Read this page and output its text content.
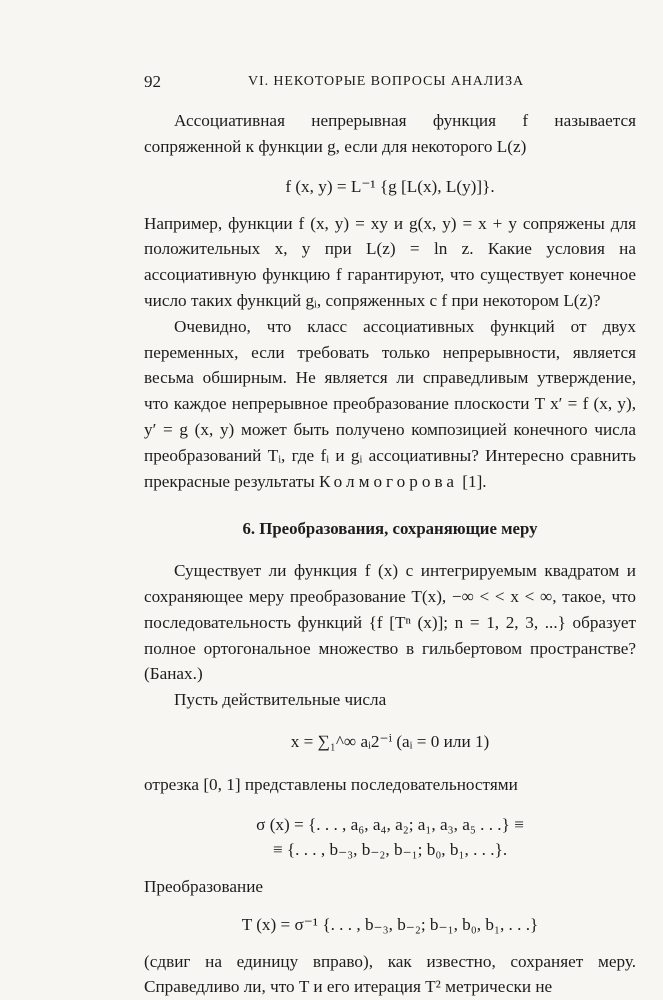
92	VI. НЕКОТОРЫЕ ВОПРОСЫ АНАЛИЗА

Ассоциативная непрерывная функция f называется сопряженной к функции g, если для некоторого L(z)

f (x, y) = L⁻¹ {g [L(x), L(y)]}.

Например, функции f (x, y) = xy и g(x, y) = x + y сопряжены для положительных x, y при L(z) = ln z. Какие условия на ассоциативную функцию f гарантируют, что существует конечное число таких функций gᵢ, сопряженных с f при некотором L(z)?

Очевидно, что класс ассоциативных функций от двух переменных, если требовать только непрерывности, является весьма обширным. Не является ли справедливым утверждение, что каждое непрерывное преобразование плоскости T x′ = f (x, y), y′ = g (x, y) может быть получено композицией конечного числа преобразований Tᵢ, где fᵢ и gᵢ ассоциативны? Интересно сравнить прекрасные результаты Колмогорова [1].

6. Преобразования, сохраняющие меру

Существует ли функция f (x) с интегрируемым квадратом и сохраняющее меру преобразование T(x), −∞ < < x < ∞, такое, что последовательность функций {f [Tⁿ (x)]; n = 1, 2, 3, ...} образует полное ортогональное множество в гильбертовом пространстве? (Банах.)

Пусть действительные числа

x = ∑₁^∞ aᵢ2⁻ⁱ (aᵢ = 0 или 1)

отрезка [0, 1] представлены последовательностями

σ (x) = {. . . , a₆, a₄, a₂; a₁, a₃, a₅ . . .} ≡

≡ {. . . , b₋₃, b₋₂, b₋₁; b₀, b₁, . . .}.

Преобразование

T (x) = σ⁻¹ {. . . , b₋₃, b₋₂; b₋₁, b₀, b₁, . . .}

(сдвиг на единицу вправо), как известно, сохраняет меру. Справедливо ли, что T и его итерация T² метрически не
